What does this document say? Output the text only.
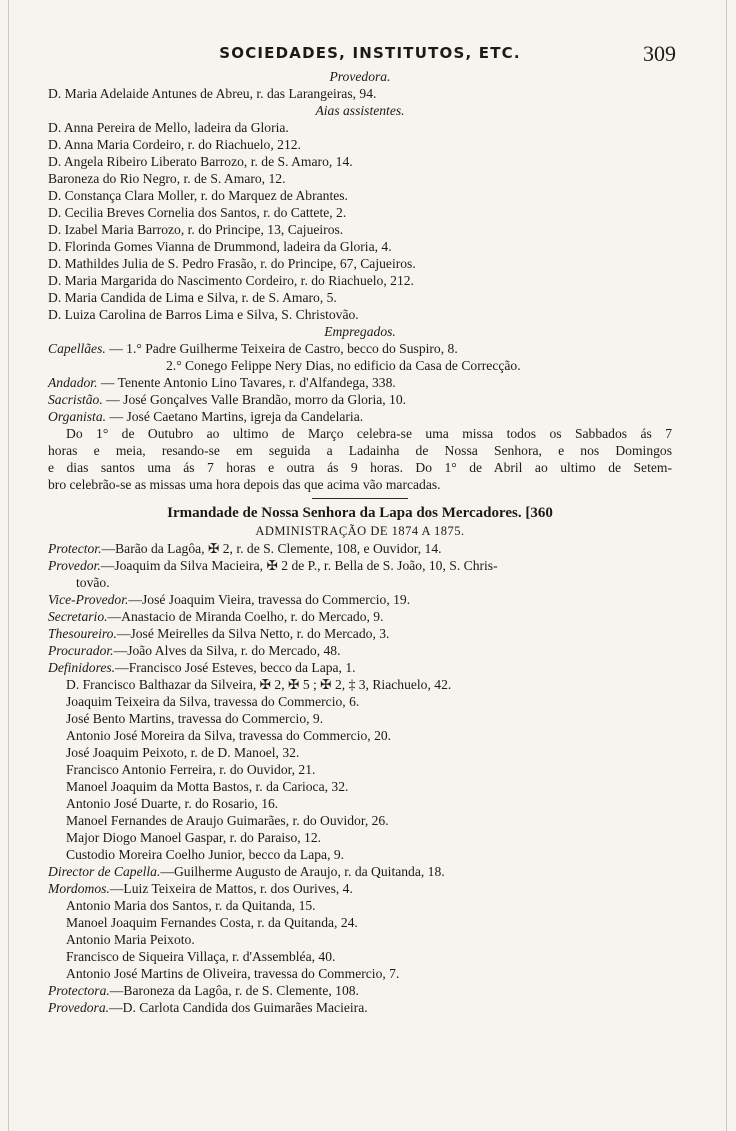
SOCIEDADES, INSTITUTOS, ETC.	309
Provedora.
D. Maria Adelaide Antunes de Abreu, r. das Larangeiras, 94.
Aias assistentes.
D. Anna Pereira de Mello, ladeira da Gloria.
D. Anna Maria Cordeiro, r. do Riachuelo, 212.
D. Angela Ribeiro Liberato Barrozo, r. de S. Amaro, 14.
Baroneza do Rio Negro, r. de S. Amaro, 12.
D. Constança Clara Moller, r. do Marquez de Abrantes.
D. Cecilia Breves Cornelia dos Santos, r. do Cattete, 2.
D. Izabel Maria Barrozo, r. do Principe, 13, Cajueiros.
D. Florinda Gomes Vianna de Drummond, ladeira da Gloria, 4.
D. Mathildes Julia de S. Pedro Frasão, r. do Principe, 67, Cajueiros.
D. Maria Margarida do Nascimento Cordeiro, r. do Riachuelo, 212.
D. Maria Candida de Lima e Silva, r. de S. Amaro, 5.
D. Luiza Carolina de Barros Lima e Silva, S. Christovão.
Empregados.
Capellães. — 1.° Padre Guilherme Teixeira de Castro, becco do Suspiro, 8.
2.° Conego Felippe Nery Dias, no edificio da Casa de Correcção.
Andador. — Tenente Antonio Lino Tavares, r. d'Alfandega, 338.
Sacristão. — José Gonçalves Valle Brandão, morro da Gloria, 10.
Organista. — José Caetano Martins, igreja da Candelaria.
Do 1° de Outubro ao ultimo de Março celebra-se uma missa todos os Sabbados ás 7
horas e meia, resando-se em seguida a Ladainha de Nossa Senhora, e nos Domingos
e dias santos uma ás 7 horas e outra ás 9 horas. Do 1° de Abril ao ultimo de Setem-
bro celebrão-se as missas uma hora depois das que acima vão marcadas.
Irmandade de Nossa Senhora da Lapa dos Mercadores. [360
ADMINISTRAÇÃO DE 1874 A 1875.
Protector.—Barão da Lagôa, ✠ 2, r. de S. Clemente, 108, e Ouvidor, 14.
Provedor.—Joaquim da Silva Macieira, ✠ 2 de P., r. Bella de S. João, 10, S. Chris-
tovão.
Vice-Provedor.—José Joaquim Vieira, travessa do Commercio, 19.
Secretario.—Anastacio de Miranda Coelho, r. do Mercado, 9.
Thesoureiro.—José Meirelles da Silva Netto, r. do Mercado, 3.
Procurador.—João Alves da Silva, r. do Mercado, 48.
Definidores.—Francisco José Esteves, becco da Lapa, 1.
D. Francisco Balthazar da Silveira, ✠ 2, ✠ 5 ; ✠ 2, ‡ 3, Riachuelo, 42.
Joaquim Teixeira da Silva, travessa do Commercio, 6.
José Bento Martins, travessa do Commercio, 9.
Antonio José Moreira da Silva, travessa do Commercio, 20.
José Joaquim Peixoto, r. de D. Manoel, 32.
Francisco Antonio Ferreira, r. do Ouvidor, 21.
Manoel Joaquim da Motta Bastos, r. da Carioca, 32.
Antonio José Duarte, r. do Rosario, 16.
Manoel Fernandes de Araujo Guimarães, r. do Ouvidor, 26.
Major Diogo Manoel Gaspar, r. do Paraiso, 12.
Custodio Moreira Coelho Junior, becco da Lapa, 9.
Director de Capella.—Guilherme Augusto de Araujo, r. da Quitanda, 18.
Mordomos.—Luiz Teixeira de Mattos, r. dos Ourives, 4.
Antonio Maria dos Santos, r. da Quitanda, 15.
Manoel Joaquim Fernandes Costa, r. da Quitanda, 24.
Antonio Maria Peixoto.
Francisco de Siqueira Villaça, r. d'Assembléa, 40.
Antonio José Martins de Oliveira, travessa do Commercio, 7.
Protectora.—Baroneza da Lagôa, r. de S. Clemente, 108.
Provedora.—D. Carlota Candida dos Guimarães Macieira.
